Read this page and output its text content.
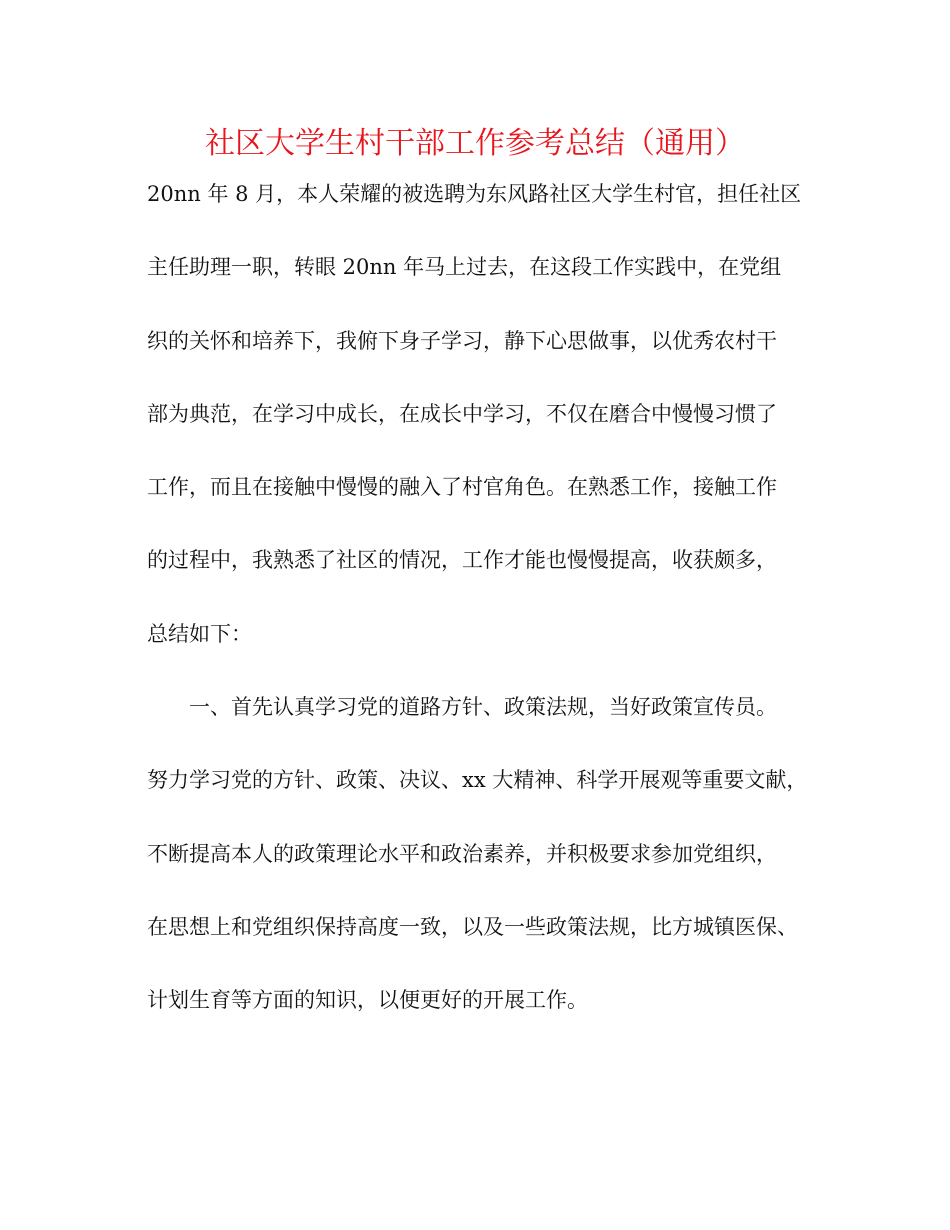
社区大学生村干部工作参考总结（通用）

20nn 年 8 月，本人荣耀的被选聘为东风路社区大学生村官，担任社区

主任助理一职，转眼 20nn 年马上过去，在这段工作实践中，在党组

织的关怀和培养下，我俯下身子学习，静下心思做事，以优秀农村干

部为典范，在学习中成长，在成长中学习，不仅在磨合中慢慢习惯了

工作，而且在接触中慢慢的融入了村官角色。在熟悉工作，接触工作

的过程中，我熟悉了社区的情况，工作才能也慢慢提高，收获颇多，

总结如下：

一、首先认真学习党的道路方针、政策法规，当好政策宣传员。

努力学习党的方针、政策、决议、xx 大精神、科学开展观等重要文献，

不断提高本人的政策理论水平和政治素养，并积极要求参加党组织，

在思想上和党组织保持高度一致，以及一些政策法规，比方城镇医保、

计划生育等方面的知识，以便更好的开展工作。
